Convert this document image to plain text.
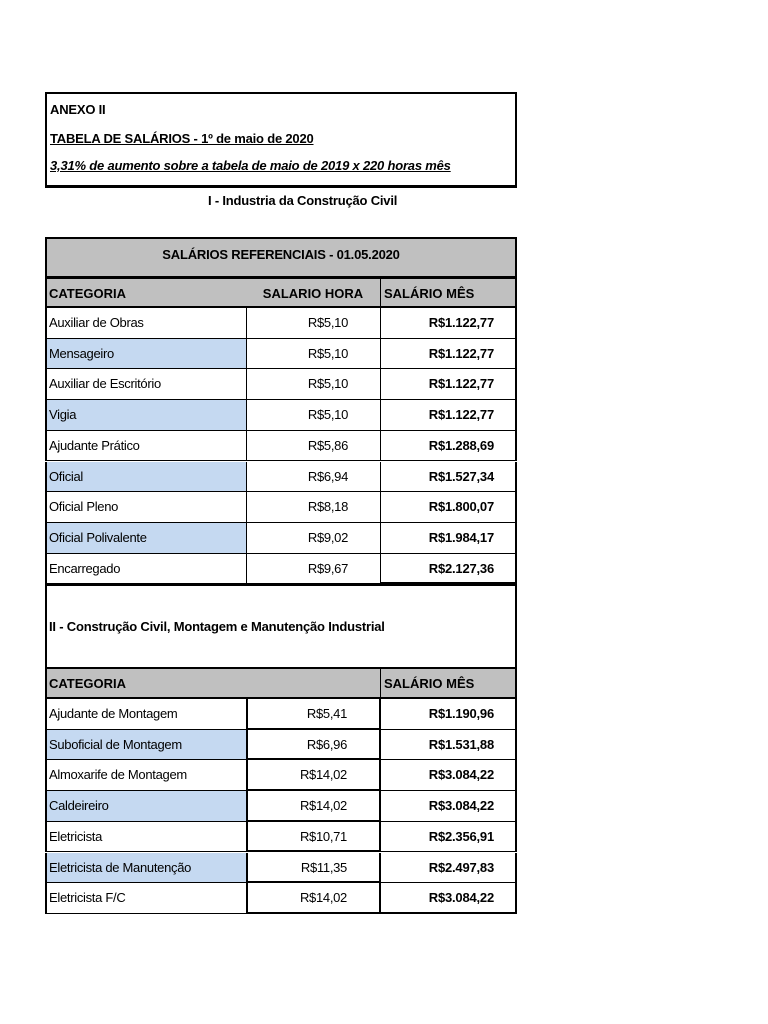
ANEXO II
TABELA DE SALÁRIOS - 1º de maio de 2020
3,31% de aumento sobre a tabela de maio de 2019 x 220 horas mês
I - Industria da Construção Civil
SALÁRIOS REFERENCIAIS - 01.05.2020
CATEGORIA	SALARIO HORA	SALÁRIO MÊS
Auxiliar de Obras	R$5,10	R$1.122,77
Mensageiro	R$5,10	R$1.122,77
Auxiliar de Escritório	R$5,10	R$1.122,77
Vigia	R$5,10	R$1.122,77
Ajudante Prático	R$5,86	R$1.288,69
Oficial	R$6,94	R$1.527,34
Oficial Pleno	R$8,18	R$1.800,07
Oficial Polivalente	R$9,02	R$1.984,17
Encarregado	R$9,67	R$2.127,36
II - Construção Civil, Montagem e Manutenção Industrial
CATEGORIA	SALÁRIO MÊS
Ajudante de Montagem	R$5,41	R$1.190,96
Suboficial de Montagem	R$6,96	R$1.531,88
Almoxarife de Montagem	R$14,02	R$3.084,22
Caldeireiro	R$14,02	R$3.084,22
Eletricista	R$10,71	R$2.356,91
Eletricista de Manutenção	R$11,35	R$2.497,83
Eletricista F/C	R$14,02	R$3.084,22
